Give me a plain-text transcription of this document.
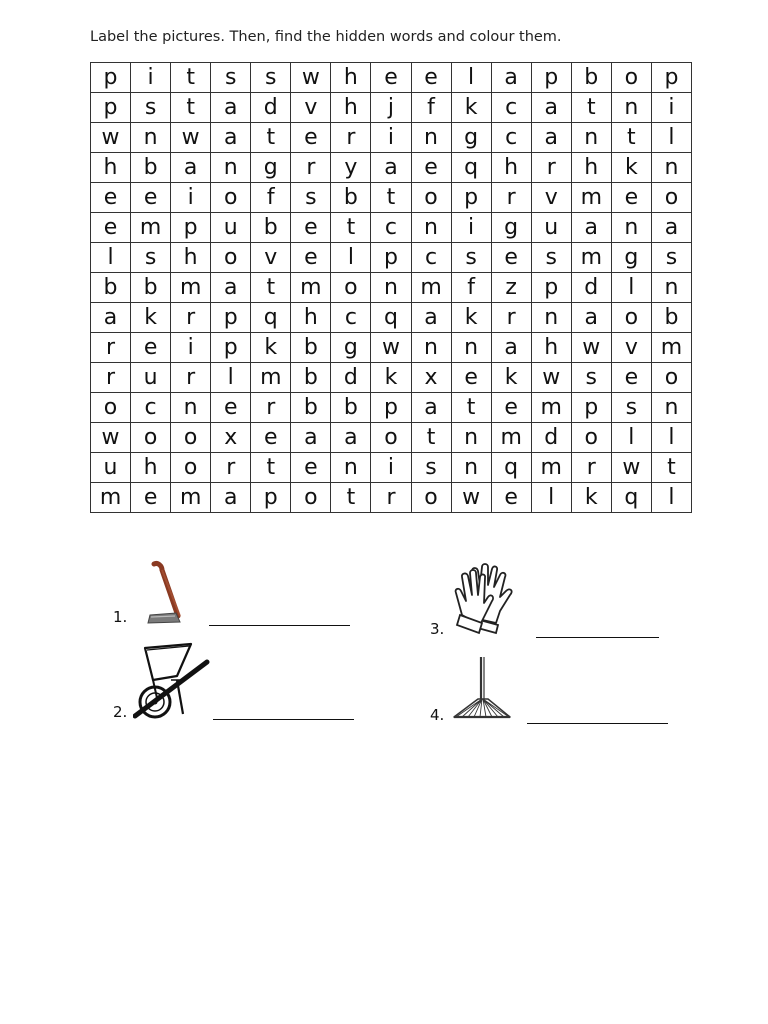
Label the pictures. Then, find the hidden words and colour them.
p	i	t	s	s	w	h	e	e	l	a	p	b	o	p
p	s	t	a	d	v	h	j	f	k	c	a	t	n	i
w	n	w	a	t	e	r	i	n	g	c	a	n	t	l
h	b	a	n	g	r	y	a	e	q	h	r	h	k	n
e	e	i	o	f	s	b	t	o	p	r	v	m	e	o
e	m	p	u	b	e	t	c	n	i	g	u	a	n	a
l	s	h	o	v	e	l	p	c	s	e	s	m	g	s
b	b	m	a	t	m	o	n	m	f	z	p	d	l	n
a	k	r	p	q	h	c	q	a	k	r	n	a	o	b
r	e	i	p	k	b	g	w	n	n	a	h	w	v	m
r	u	r	l	m	b	d	k	x	e	k	w	s	e	o
o	c	n	e	r	b	b	p	a	t	e	m	p	s	n
w	o	o	x	e	a	a	o	t	n	m	d	o	l	l
u	h	o	r	t	e	n	i	s	n	q	m	r	w	t
m	e	m	a	p	o	t	r	o	w	e	l	k	q	l
1.
2.
3.
4.
